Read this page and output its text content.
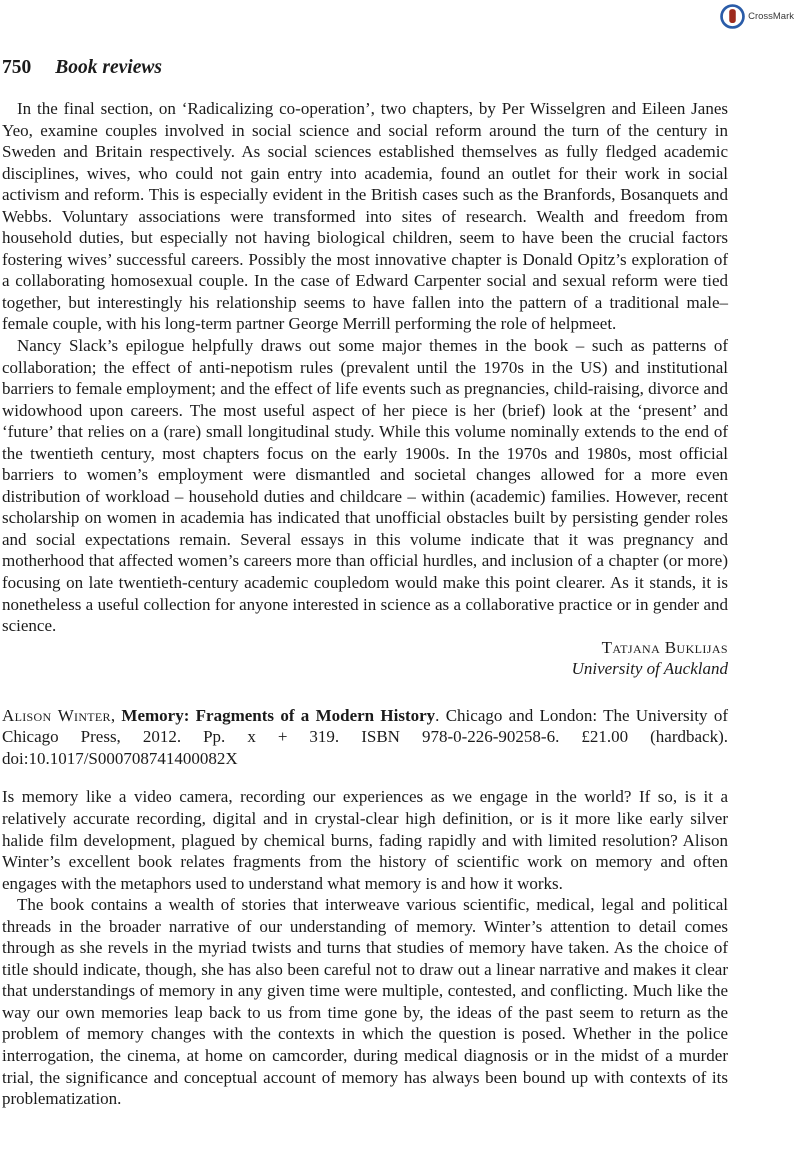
CrossMark
750 Book reviews

In the final section, on ‘Radicalizing co-operation’, two chapters, by Per Wisselgren and Eileen Janes Yeo, examine couples involved in social science and social reform around the turn of the century in Sweden and Britain respectively. As social sciences established themselves as fully fledged academic disciplines, wives, who could not gain entry into academia, found an outlet for their work in social activism and reform. This is especially evident in the British cases such as the Branfords, Bosanquets and Webbs. Voluntary associations were transformed into sites of research. Wealth and freedom from household duties, but especially not having biological children, seem to have been the crucial factors fostering wives’ successful careers. Possibly the most innovative chapter is Donald Opitz’s exploration of a collaborating homosexual couple. In the case of Edward Carpenter social and sexual reform were tied together, but interestingly his relationship seems to have fallen into the pattern of a traditional male–female couple, with his long-term partner George Merrill performing the role of helpmeet.

Nancy Slack’s epilogue helpfully draws out some major themes in the book – such as patterns of collaboration; the effect of anti-nepotism rules (prevalent until the 1970s in the US) and institutional barriers to female employment; and the effect of life events such as pregnancies, child-raising, divorce and widowhood upon careers. The most useful aspect of her piece is her (brief) look at the ‘present’ and ‘future’ that relies on a (rare) small longitudinal study. While this volume nominally extends to the end of the twentieth century, most chapters focus on the early 1900s. In the 1970s and 1980s, most official barriers to women’s employment were dismantled and societal changes allowed for a more even distribution of workload – household duties and childcare – within (academic) families. However, recent scholarship on women in academia has indicated that unofficial obstacles built by persisting gender roles and social expectations remain. Several essays in this volume indicate that it was pregnancy and motherhood that affected women’s careers more than official hurdles, and inclusion of a chapter (or more) focusing on late twentieth-century academic coupledom would make this point clearer. As it stands, it is nonetheless a useful collection for anyone interested in science as a collaborative practice or in gender and science.

Tatjana Buklijas
University of Auckland

Alison Winter, Memory: Fragments of a Modern History. Chicago and London: The University of Chicago Press, 2012. Pp. x + 319. ISBN 978-0-226-90258-6. £21.00 (hardback). doi:10.1017/S000708741400082X

Is memory like a video camera, recording our experiences as we engage in the world? If so, is it a relatively accurate recording, digital and in crystal-clear high definition, or is it more like early silver halide film development, plagued by chemical burns, fading rapidly and with limited resolution? Alison Winter’s excellent book relates fragments from the history of scientific work on memory and often engages with the metaphors used to understand what memory is and how it works.

The book contains a wealth of stories that interweave various scientific, medical, legal and political threads in the broader narrative of our understanding of memory. Winter’s attention to detail comes through as she revels in the myriad twists and turns that studies of memory have taken. As the choice of title should indicate, though, she has also been careful not to draw out a linear narrative and makes it clear that understandings of memory in any given time were multiple, contested, and conflicting. Much like the way our own memories leap back to us from time gone by, the ideas of the past seem to return as the problem of memory changes with the contexts in which the question is posed. Whether in the police interrogation, the cinema, at home on camcorder, during medical diagnosis or in the midst of a murder trial, the significance and conceptual account of memory has always been bound up with contexts of its problematization.
